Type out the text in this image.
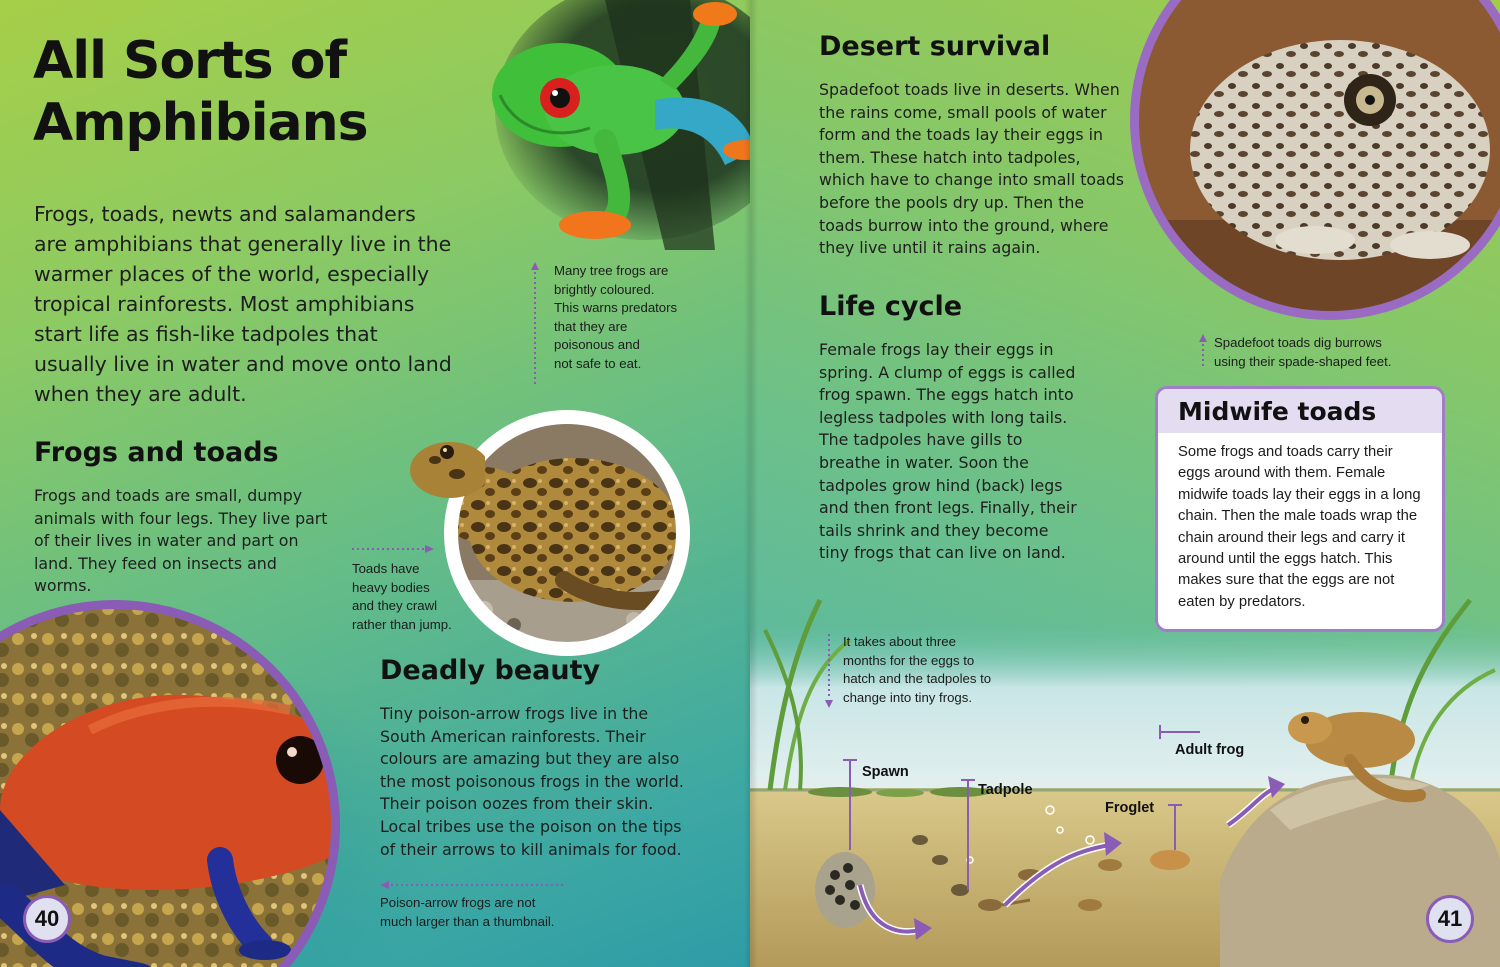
All Sorts of
Amphibians
Frogs, toads, newts and salamanders are amphibians that generally live in the warmer places of the world, especially tropical rainforests. Most amphibians start life as fish-like tadpoles that usually live in water and move onto land when they are adult.
Many tree frogs are
brightly coloured.
This warns predators
that they are
poisonous and
not safe to eat.
Frogs and toads
Frogs and toads are small, dumpy animals with four legs. They live part of their lives in water and part on land. They feed on insects and worms.
Toads have
heavy bodies
and they crawl
rather than jump.
40
Deadly beauty
Tiny poison-arrow frogs live in the South American rainforests. Their colours are amazing but they are also the most poisonous frogs in the world. Their poison oozes from their skin. Local tribes use the poison on the tips of their arrows to kill animals for food.
Poison-arrow frogs are not
much larger than a thumbnail.
Desert survival
Spadefoot toads live in deserts. When the rains come, small pools of water form and the toads lay their eggs in them. These hatch into tadpoles, which have to change into small toads before the pools dry up. Then the toads burrow into the ground, where they live until it rains again.
Spadefoot toads dig burrows
using their spade-shaped feet.
Life cycle
Female frogs lay their eggs in spring. A clump of eggs is called frog spawn. The eggs hatch into legless tadpoles with long tails. The tadpoles have gills to breathe in water. Soon the tadpoles grow hind (back) legs and then front legs. Finally, their tails shrink and they become tiny frogs that can live on land.
It takes about three
months for the eggs to
hatch and the tadpoles to
change into tiny frogs.
Spawn
Tadpole
Froglet
Adult frog
41
Midwife toads
Some frogs and toads carry their eggs around with them. Female midwife toads lay their eggs in a long chain. Then the male toads wrap the chain around their legs and carry it around until the eggs hatch. This makes sure that the eggs are not eaten by predators.
